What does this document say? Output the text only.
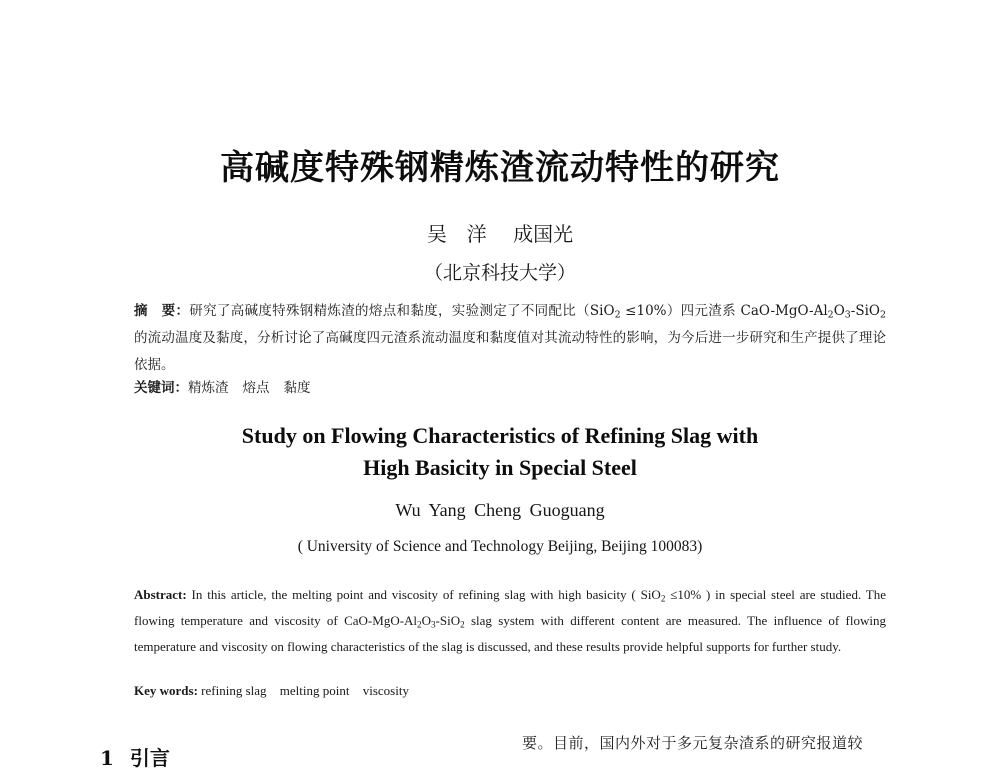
高碱度特殊钢精炼渣流动特性的研究
吴　洋 成国光
（北京科技大学）
摘　要：研究了高碱度特殊钢精炼渣的熔点和黏度，实验测定了不同配比（SiO$_2$ ≤10%）四元渣系 CaO-$MgO-Al_2O_3-SiO_2$的流动温度及黏度，分析讨论了高碱度四元渣系流动温度和黏度值对其流动特性的影响，为今后进一步研究和生产提供了理论依据。
关键词：精炼渣 熔点 黏度
Study on Flowing Characteristics of Refining Slag with
High Basicity in Special Steel
Wu Yang Cheng Guoguang
( University of Science and Technology Beijing, Beijing 100083)
Abstract: In this article, the melting point and viscosity of refining slag with high basicity ( SiO$_2$ ≤10% ) in special steel are studied. The flowing temperature and viscosity of CaO-$MgO-Al_2O_3-SiO_2$ slag system with different content are measured. The influence of flowing temperature and viscosity on flowing characteristics of the slag is discussed, and these results provide helpful supports for further study.
Key words: refining slag melting point viscosity
1 引言
要。目前，国内外对于多元复杂渣系的研究报道较
